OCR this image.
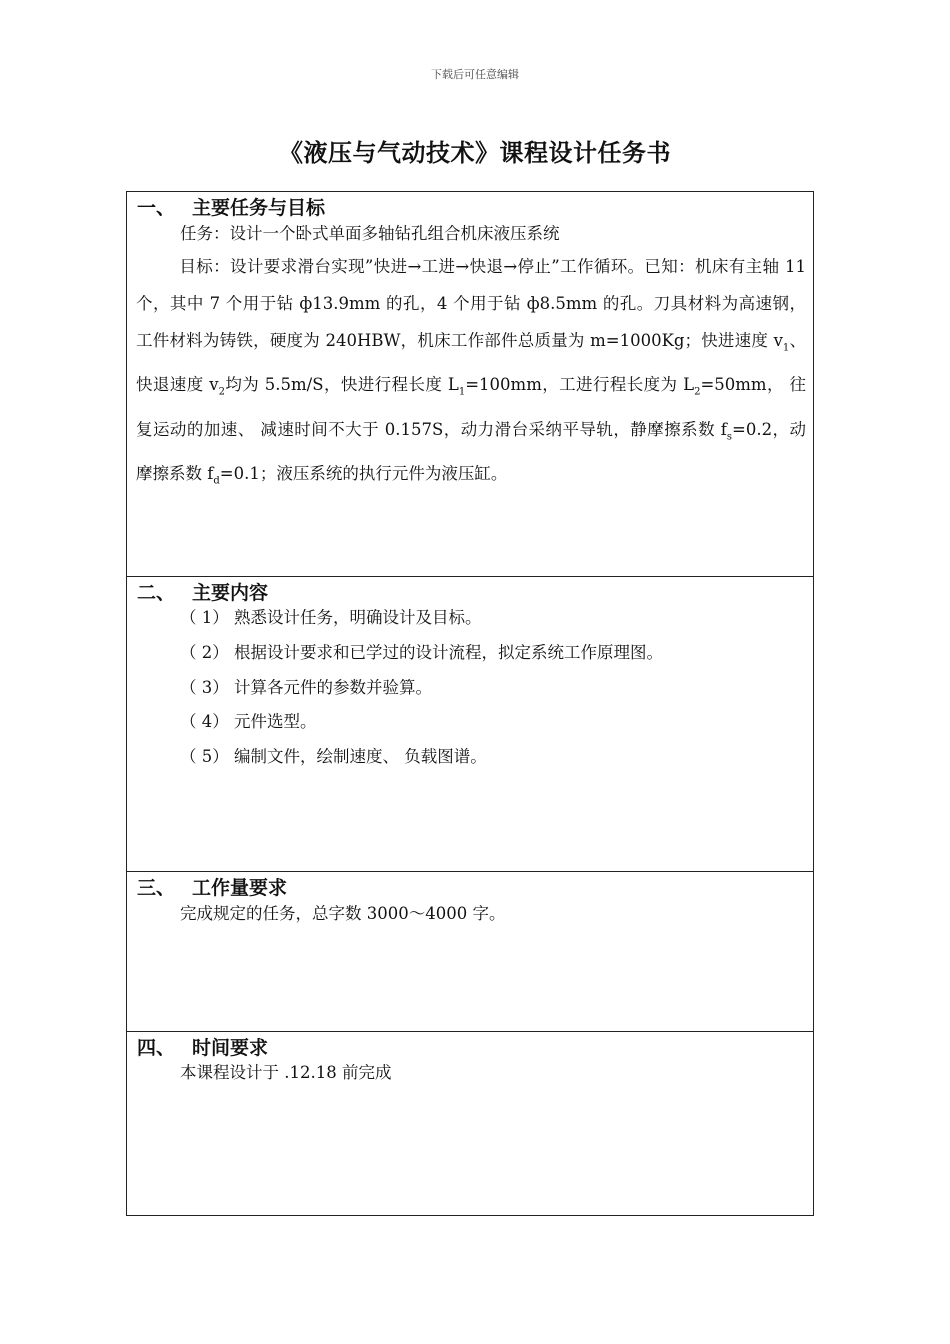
下载后可任意编辑
《液压与气动技术》课程设计任务书
一、 主要任务与目标
任务：设计一个卧式单面多轴钻孔组合机床液压系统
目标：设计要求滑台实现”快进→工进→快退→停止”工作循环。已知：机床有主轴 11 个，其中 7 个用于钻 ф13.9mm 的孔，4 个用于钻 ф8.5mm 的孔。刀具材料为高速钢，工件材料为铸铁，硬度为 240HBW，机床工作部件总质量为 m=1000Kg；快进速度 $v_1$、 快退速度 $v_2$均为 5.5m/S，快进行程长度 $L_1=100mm$，工进行程长度为 $L_2=50mm$， 往复运动的加速、 减速时间不大于 0.157S，动力滑台采纳平导轨，静摩擦系数 $f_s=0.2$，动摩擦系数 $f_d=0.1$；液压系统的执行元件为液压缸。
二、 主要内容
（ 1） 熟悉设计任务，明确设计及目标。
（ 2） 根据设计要求和已学过的设计流程，拟定系统工作原理图。
（ 3） 计算各元件的参数并验算。
（ 4） 元件选型。
（ 5） 编制文件，绘制速度、 负载图谱。
三、 工作量要求
完成规定的任务，总字数 3000～4000 字。
四、 时间要求
本课程设计于 .12.18 前完成
